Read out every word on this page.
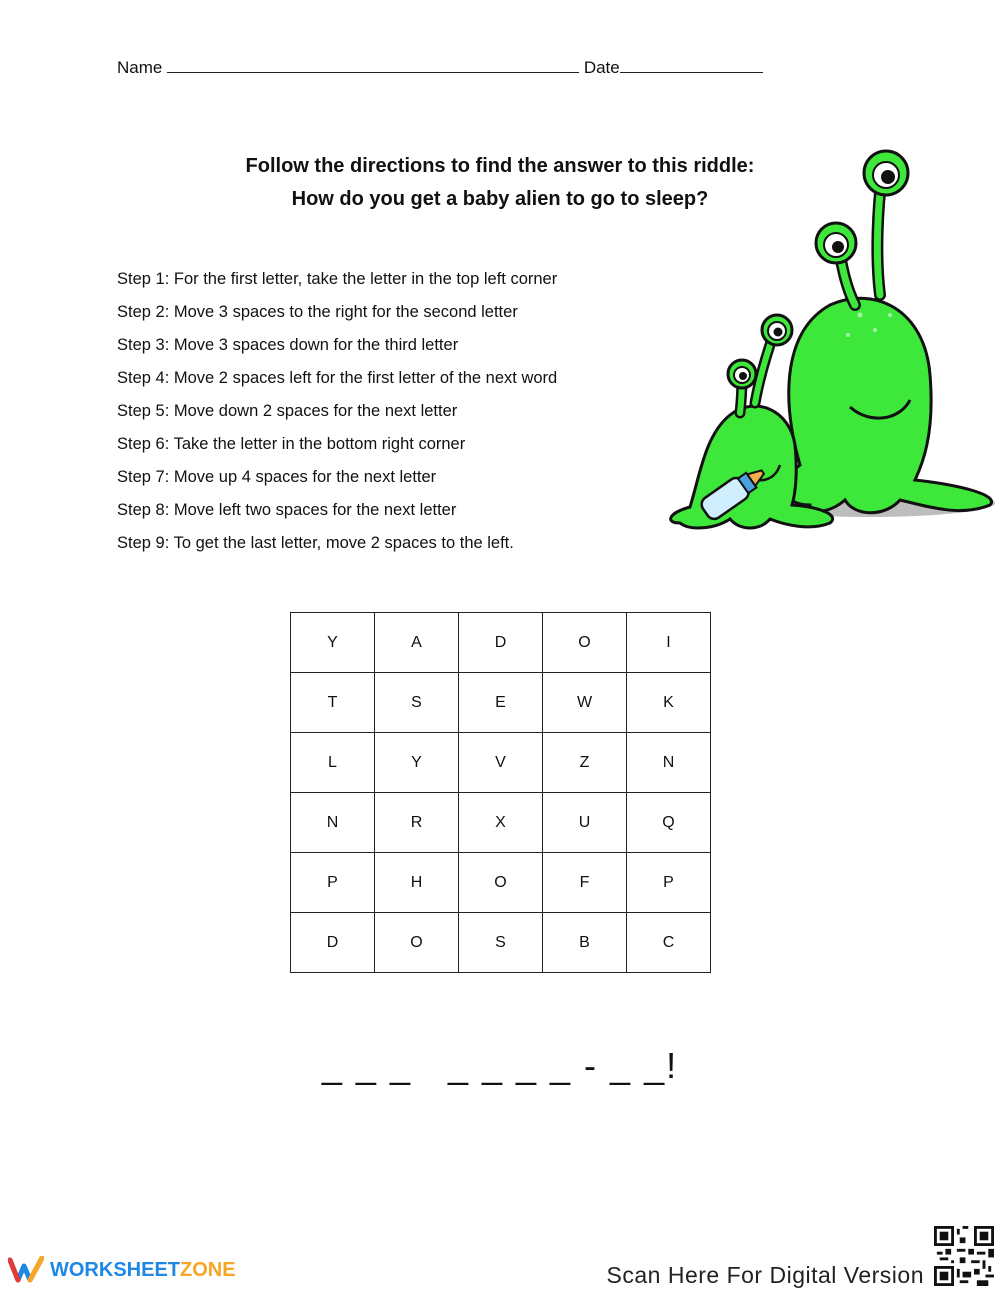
Name	Date
Follow the directions to find the answer to this riddle:
How do you get a baby alien to go to sleep?
Step 1: For the first letter, take the letter in the top left corner
Step 2: Move 3 spaces to the right for the second letter
Step 3: Move 3 spaces down for the third letter
Step 4: Move 2 spaces left for the first letter of the next word
Step 5: Move down 2 spaces for the next letter
Step 6: Take the letter in the bottom right corner
Step 7: Move up 4 spaces for the next letter
Step 8: Move left two spaces for the next letter
Step 9: To get the last letter, move 2 spaces to the left.
Y	A	D	O	I
T	S	E	W	K
L	Y	V	Z	N
N	R	X	U	Q
P	H	O	F	P
D	O	S	B	C
_ _ _   _ _ _ _ - _ _!
WORKSHEETZONE	Scan Here For Digital Version
